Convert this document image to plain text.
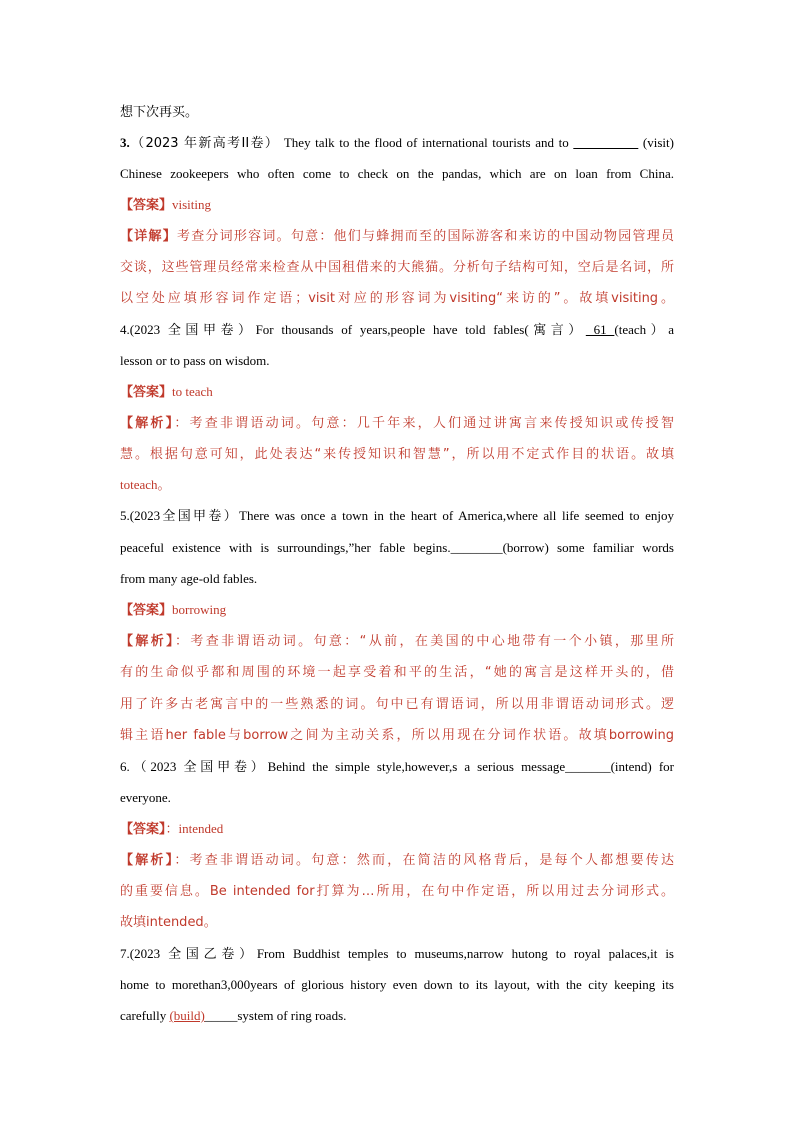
想下次再买。
3.（2023 年新高考II卷） They talk to the flood of international tourists and to	(visit)
Chinese zookeepers who often come to check on the pandas, which are on loan from China.
【答案】visiting
【详解】考查分词形容词。句意：他们与蜂拥而至的国际游客和来访的中国动物园管理员
交谈，这些管理员经常来检查从中国租借来的大熊猫。分析句子结构可知，空后是名词，所
以空处应填形容词作定语；visit对应的形容词为visiting“来访的”。故填visiting。
4.(2023 全国甲卷）For thousands of years,people have told fables(寓言） 61 (teach）a
lesson or to pass on wisdom.
【答案】to teach
【解析】：考查非谓语动词。句意：几千年来，人们通过讲寓言来传授知识或传授智
慧。根据句意可知，此处表达“来传授知识和智慧”，所以用不定式作目的状语。故填
toteach。
5.(2023全国甲卷）There was once a town in the heart of America,where all life seemed to enjoy
peaceful existence with is surroundings,”her fable begins.________(borrow) some familiar words
from many age-old fables.
【答案】borrowing
【解析】：考查非谓语动词。句意：“从前，在美国的中心地带有一个小镇，那里所
有的生命似乎都和周围的环境一起享受着和平的生活，“她的寓言是这样开头的，借
用了许多古老寓言中的一些熟悉的词。句中已有谓语词，所以用非谓语动词形式。逻
辑主语her fable与borrow之间为主动关系，所以用现在分词作状语。故填borrowing
6.（2023 全国甲卷）Behind the simple style,however,s a serious message_______(intend) for
everyone.
【答案】：intended
【解析】：考查非谓语动词。句意：然而，在简洁的风格背后，是每个人都想要传达
的重要信息。Be intended for打算为…所用，在句中作定语，所以用过去分词形式。
故填intended。
7.(2023 全国乙卷）From Buddhist temples to museums,narrow hutong to royal palaces,it is
home to morethan3,000years of glorious history even down to its layout, with the city keeping its
carefully (build)_____system of ring roads.
